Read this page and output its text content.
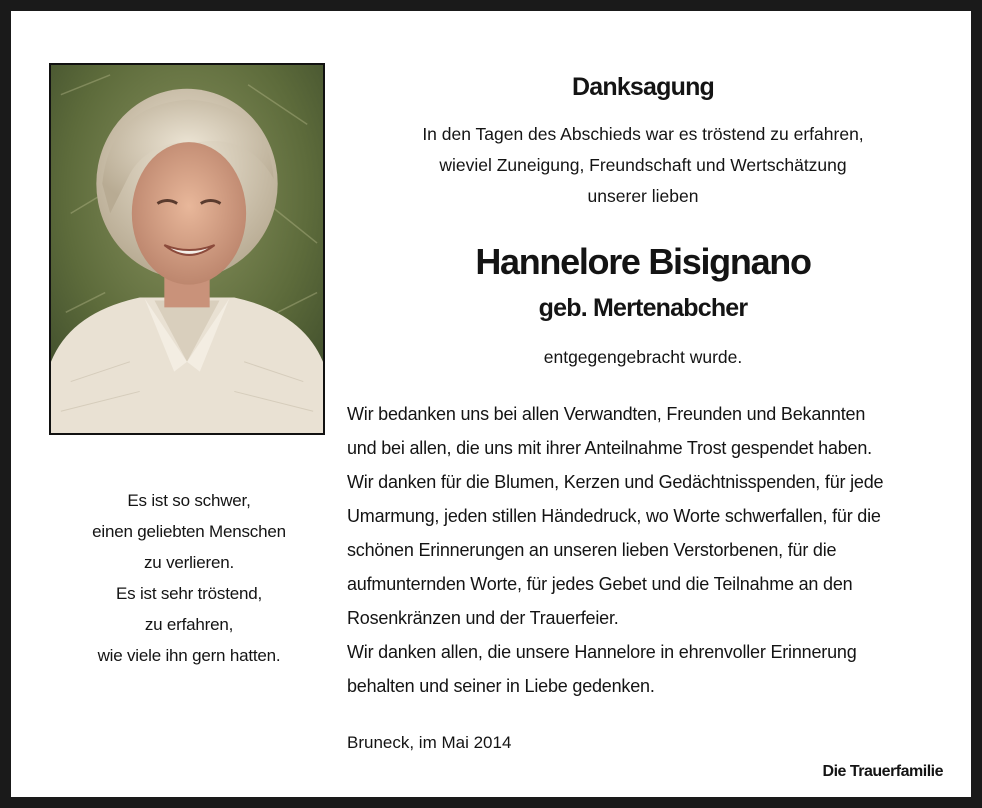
Es ist so schwer,
einen geliebten Menschen
zu verlieren.
Es ist sehr tröstend,
zu erfahren,
wie viele ihn gern hatten.
Danksagung
In den Tagen des Abschieds war es tröstend zu erfahren,
wieviel Zuneigung, Freundschaft und Wertschätzung
unserer lieben
Hannelore Bisignano
geb. Mertenabcher
entgegengebracht wurde.
Wir bedanken uns bei allen Verwandten, Freunden und Bekannten
und bei allen, die uns mit ihrer Anteilnahme Trost gespendet haben.
Wir danken für die Blumen, Kerzen und Gedächtnisspenden, für jede
Umarmung, jeden stillen Händedruck, wo Worte schwerfallen, für die
schönen Erinnerungen an unseren lieben Verstorbenen, für die
aufmunternden Worte, für jedes Gebet und die Teilnahme an den
Rosenkränzen und der Trauerfeier.
Wir danken allen, die unsere Hannelore in ehrenvoller Erinnerung
behalten und seiner in Liebe gedenken.
Bruneck, im Mai 2014
Die Trauerfamilie
